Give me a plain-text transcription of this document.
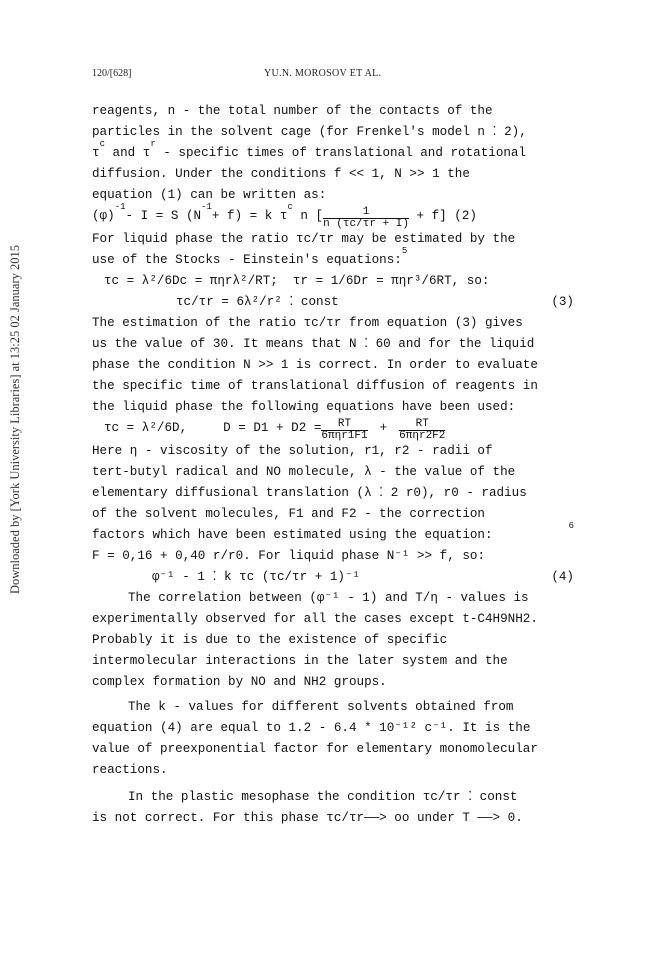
Downloaded by [York University Libraries] at 13:25 02 January 2015
120/[628]	YU.N. MOROSOV ET AL.
reagents, n - the total number of the contacts of the
particles in the solvent cage (for Frenkel's model n ⁚ 2),
τ
c
and τ
r
- specific times of translational and rotational
diffusion. Under the conditions f << 1, N >> 1 the
equation (1) can be written as:
(φ)
-1
- I = S (N
-1
+ f) = k τ
c
n [ $\frac{1}{n (\tau c/\tau r + I)} + f$] (2)
For liquid phase the ratio τc/τr may be estimated by the
use of the Stocks - Einstein's equations:
5
τc = λ²/6Dc = πηrλ²/RT;  τr = 1/6Dr = πηr³/6RT, so:
τc/τr = 6λ²/r² ⁚ const	(3)
The estimation of the ratio τc/τr from equation (3) gives
us the value of 30. It means that N ⁚ 60 and for the liquid
phase the condition N >> 1 is correct. In order to evaluate
the specific time of translational diffusion of reagents in
the liquid phase the following equations have been used:
τc = λ²/6D,	$D = D1 + D2 = \frac{RT}{\text{6πηr1F1}}$ +	$\frac{RT}{\text{6πηr2F2}}$
Here η - viscosity of the solution, r1, r2 - radii of
tert-butyl radical and NO molecule, λ - the value of the
elementary diffusional translation (λ ⁚ 2 r0), r0 - radius
of the solvent molecules, F1 and F2 - the correction
factors which have been estimated using the equation:
6
F = 0,16 + 0,40 r/r0. For liquid phase N⁻¹ >> f, so:
φ⁻¹ - 1 ⁚ k τc (τc/τr + 1)⁻¹	(4)
The correlation between (φ⁻¹ - 1) and T/η - values is
experimentally observed for all the cases except t-C4H9NH2.
Probably it is due to the existence of specific
intermolecular interactions in the later system and the
complex formation by NO and NH2 groups.
The k - values for different solvents obtained from
equation (4) are equal to 1.2 - 6.4 * 10⁻¹² c⁻¹. It is the
value of preexponential factor for elementary monomolecular
reactions.
In the plastic mesophase the condition τc/τr ⁚ const
is not correct. For this phase τc/τr——> oo under T ——> 0.
